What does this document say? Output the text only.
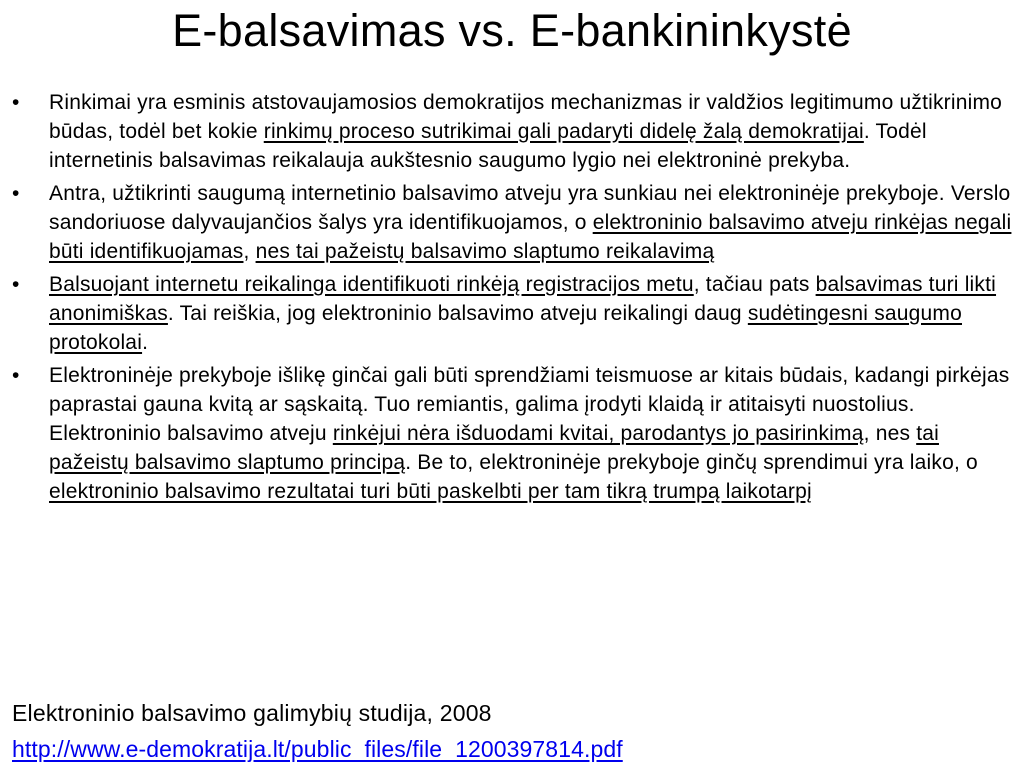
E-balsavimas vs. E-bankininkystė
•	Rinkimai yra esminis atstovaujamosios demokratijos mechanizmas ir valdžios legitimumo užtikrinimo būdas, todėl bet kokie rinkimų proceso sutrikimai gali padaryti didelę žalą demokratijai. Todėl internetinis balsavimas reikalauja aukštesnio saugumo lygio nei elektroninė prekyba.
•	Antra, užtikrinti saugumą internetinio balsavimo atveju yra sunkiau nei elektroninėje prekyboje. Verslo sandoriuose dalyvaujančios šalys yra identifikuojamos, o elektroninio balsavimo atveju rinkėjas negali būti identifikuojamas, nes tai pažeistų balsavimo slaptumo reikalavimą
•	Balsuojant internetu reikalinga identifikuoti rinkėją registracijos metu, tačiau pats balsavimas turi likti anonimiškas. Tai reiškia, jog elektroninio balsavimo atveju reikalingi daug sudėtingesni saugumo protokolai.
•	Elektroninėje prekyboje išlikę ginčai gali būti sprendžiami teismuose ar kitais būdais, kadangi pirkėjas paprastai gauna kvitą ar sąskaitą. Tuo remiantis, galima įrodyti klaidą ir atitaisyti nuostolius. Elektroninio balsavimo atveju rinkėjui nėra išduodami kvitai, parodantys jo pasirinkimą, nes tai pažeistų balsavimo slaptumo principą. Be to, elektroninėje prekyboje ginčų sprendimui yra laiko, o elektroninio balsavimo rezultatai turi būti paskelbti per tam tikrą trumpą laikotarpį
Elektroninio balsavimo galimybių studija, 2008
http://www.e-demokratija.lt/public_files/file_1200397814.pdf
